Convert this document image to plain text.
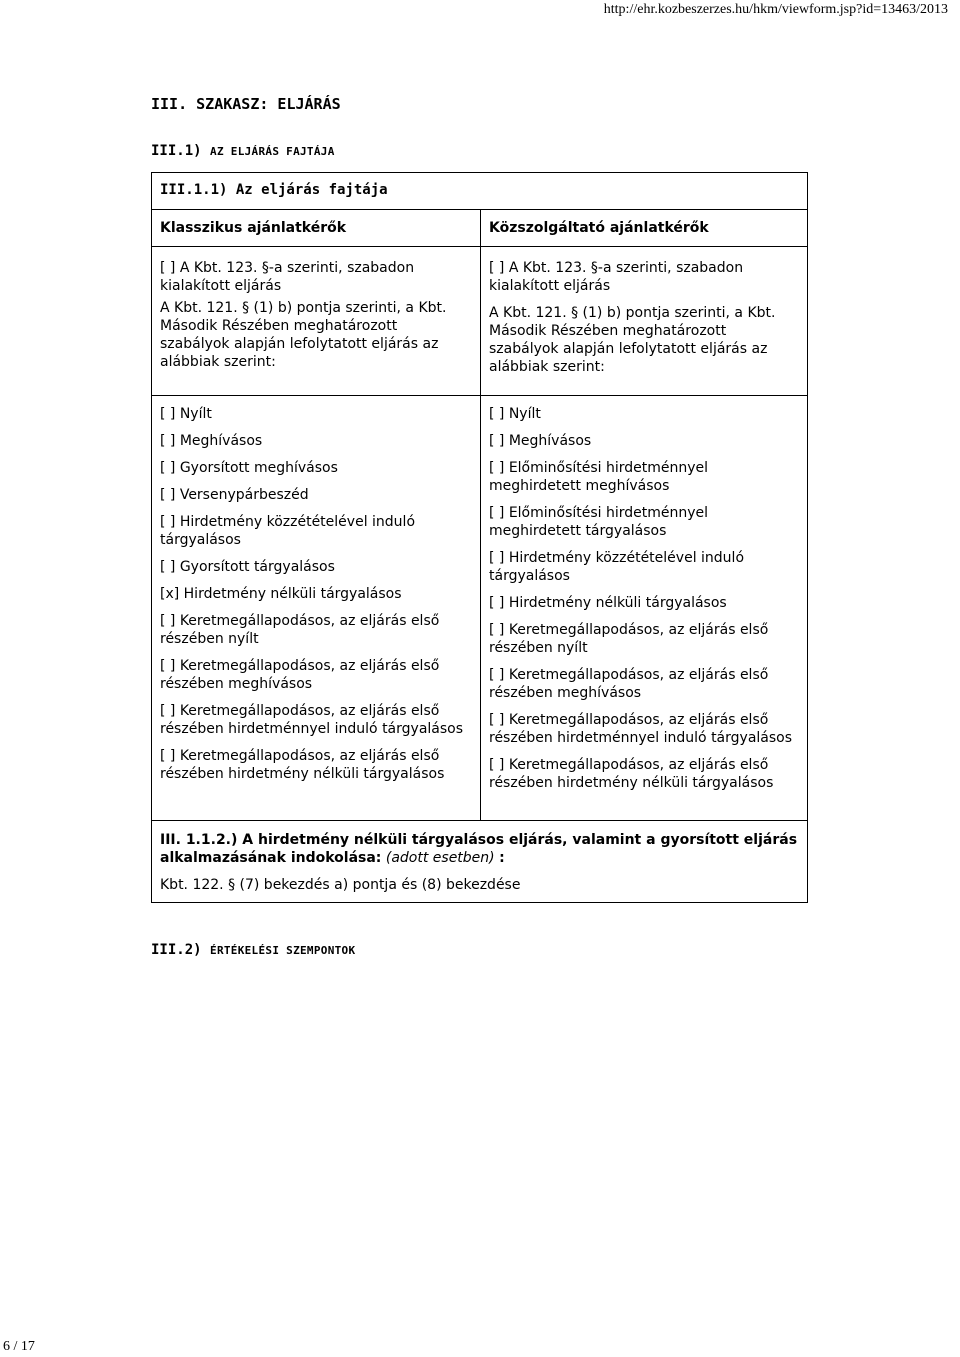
http://ehr.kozbeszerzes.hu/hkm/viewform.jsp?id=13463/2013
III. SZAKASZ: ELJÁRÁS
III.1) AZ ELJÁRÁS FAJTÁJA
III.1.1) Az eljárás fajtája
Klasszikus ajánlatkérők	Közszolgáltató ajánlatkérők

[ ] A Kbt. 123. §-a szerinti, szabadon kialakított eljárás

A Kbt. 121. § (1) b) pontja szerinti, a Kbt. Második Részében meghatározott szabályok alapján lefolytatott eljárás az alábbiak szerint:

[ ] A Kbt. 123. §-a szerinti, szabadon kialakított eljárás

A Kbt. 121. § (1) b) pontja szerinti, a Kbt. Második Részében meghatározott szabályok alapján lefolytatott eljárás az alábbiak szerint:

[ ] Nyílt

[ ] Meghívásos

[ ] Gyorsított meghívásos

[ ] Versenypárbeszéd

[ ] Hirdetmény közzétételével induló tárgyalásos

[ ] Gyorsított tárgyalásos

[x] Hirdetmény nélküli tárgyalásos

[ ] Keretmegállapodásos, az eljárás első részében nyílt

[ ] Keretmegállapodásos, az eljárás első részében meghívásos

[ ] Keretmegállapodásos, az eljárás első részében hirdetménnyel induló tárgyalásos

[ ] Keretmegállapodásos, az eljárás első részében hirdetmény nélküli tárgyalásos

[ ] Nyílt

[ ] Meghívásos

[ ] Előminősítési hirdetménnyel meghirdetett meghívásos

[ ] Előminősítési hirdetménnyel meghirdetett tárgyalásos

[ ] Hirdetmény közzétételével induló tárgyalásos

[ ] Hirdetmény nélküli tárgyalásos

[ ] Keretmegállapodásos, az eljárás első részében nyílt

[ ] Keretmegállapodásos, az eljárás első részében meghívásos

[ ] Keretmegállapodásos, az eljárás első részében hirdetménnyel induló tárgyalásos

[ ] Keretmegállapodásos, az eljárás első részében hirdetmény nélküli tárgyalásos

III. 1.1.2.) A hirdetmény nélküli tárgyalásos eljárás, valamint a gyorsított eljárás alkalmazásának indokolása: (adott esetben) :

Kbt. 122. § (7) bekezdés a) pontja és (8) bekezdése

III.2) ÉRTÉKELÉSI SZEMPONTOK
6 / 17
